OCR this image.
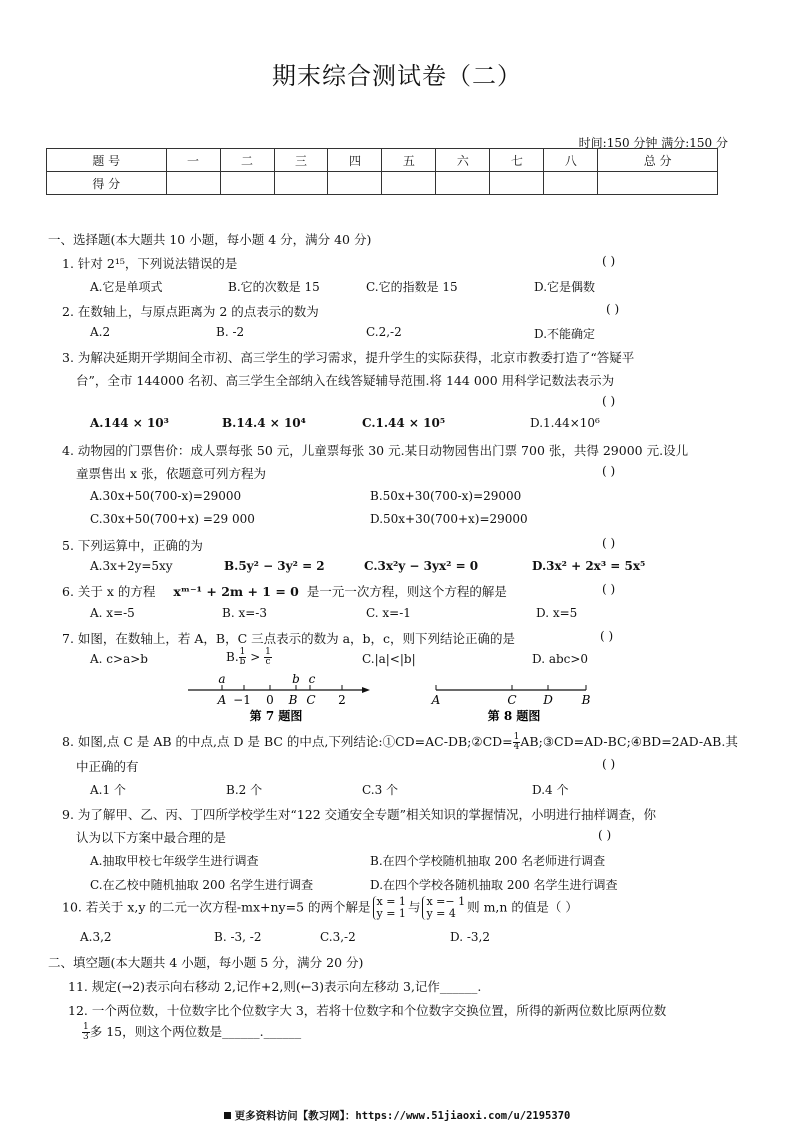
期末综合测试卷（二）
时间:150 分钟 满分:150 分
题 号	一	二	三	四	五	六	七	八	总 分
得 分									
一、选择题(本大题共 10 小题，每小题 4 分，满分 40 分)
1. 针对 2¹⁵，下列说法错误的是	( )
A.它是单项式	B.它的次数是 15	C.它的指数是 15	D.它是偶数
2. 在数轴上，与原点距离为 2 的点表示的数为	( )
A.2	B. -2	C.2,-2	D.不能确定
3. 为解决延期开学期间全市初、高三学生的学习需求，提升学生的实际获得，北京市教委打造了“答疑平
台”，全市 144000 名初、高三学生全部纳入在线答疑辅导范围.将 144 000 用科学记数法表示为
A.144 × 10³	B.14.4 × 10⁴	C.1.44 × 10⁵	D.1.44×10⁶
( )
4. 动物园的门票售价：成人票每张 50 元，儿童票每张 30 元.某日动物园售出门票 700 张，共得 29000 元.设儿
童票售出 x 张，依题意可列方程为	( )
A.30x+50(700-x)=29000	B.50x+30(700-x)=29000
C.30x+50(700+x) =29 000	D.50x+30(700+x)=29000
5. 下列运算中，正确的为	( )
A.3x+2y=5xy	B.5y² − 3y² = 2	C.3x²y − 3yx² = 0	D.3x² + 2x³ = 5x⁵
6. 关于 x 的方程 xᵐ⁻¹ + 2m + 1 = 0 是一元一次方程，则这个方程的解是	( )
A. x=-5	B. x=-3	C. x=-1	D. x=5
7. 如图，在数轴上，若 A，B，C 三点表示的数为 a，b，c，则下列结论正确的是	( )
A. c>a>b	B. $\frac{1}{b} > \frac{1}{c}$	C.|a|<|b|	D. abc>0
a	b c
A −1 0 B C 2
第 7 题图
A	C D B
第 8 题图
8. 如图,点 C 是 AB 的中点,点 D 是 BC 的中点,下列结论:①CD=AC-DB;②CD= $\frac{1}{4}$ AB;③CD=AD-BC;④BD=2AD-AB.其
中正确的有	( )
A.1 个	B.2 个	C.3 个	D.4 个
9. 为了解甲、乙、丙、丁四所学校学生对“122 交通安全专题”相关知识的掌握情况，小明进行抽样调查，你
认为以下方案中最合理的是	( )
A.抽取甲校七年级学生进行调查	B.在四个学校随机抽取 200 名老师进行调查
C.在乙校中随机抽取 200 名学生进行调查	D.在四个学校各随机抽取 200 名学生进行调查
10. 若关于 x,y 的二元一次方程-mx+ny=5 的两个解是 x = 1
y = 1 与 x =− 1
y = 4 则 m,n 的值是（ ）
A.3,2	B. -3, -2	C.3,-2	D. -3,2
二、填空题(本大题共 4 小题，每小题 5 分，满分 20 分)
11. 规定(→2)表示向右移动 2,记作+2,则(←3)表示向左移动 3,记作______.
12. 一个两位数，十位数字比个位数字大 3，若将十位数字和个位数字交换位置，所得的新两位数比原两位数
$\frac{1}{3}$ 多 15，则这个两位数是______.______
更多资料访问【教习网】：https://www.51jiaoxi.com/u/2195370
